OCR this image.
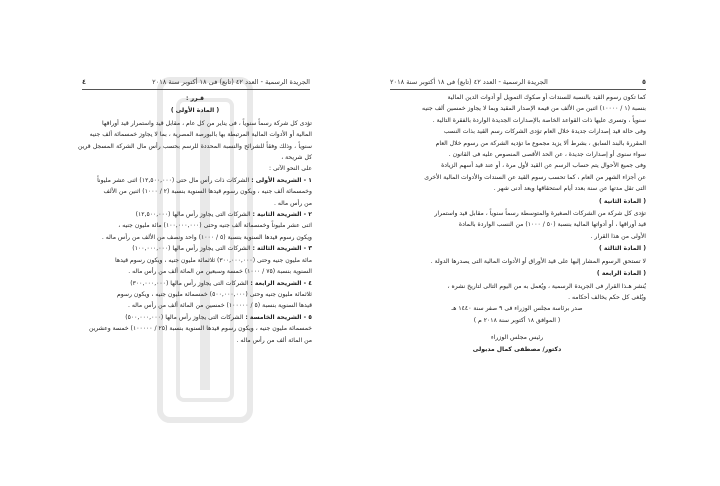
الجريدة الرسمية - العدد ٤٢ (تابع) فى ١٨ أكتوبر سنة ٢٠١٨
٤
قـرر :
( المادة الأولى )

تؤدى كل شركة رسماً سنوياً ، فى يناير من كل عام ، مقابل قيد واستمرار قيد أوراقها

المالية أو الأدوات المالية المرتبطة بها بالبورصة المصرية ، بما لا يجاوز خمسمائة ألف جنيه

سنوياً ، وذلك وفقاً للشرائح والنسبة المحددة للرسم بحسب رأس مال الشركة المسجل قرين كل شريحة ،

على النحو الآتى :

١ - الشريحة الأولى : الشركات ذات رأس مال حتى (١٢,٥٠٠,٠٠٠) اثنى عشر مليوناً

وخمسمائة ألف جنيه ، ويكون رسوم قيدها السنوية بنسبة (٢ / ١٠٠٠) اثنين من الألف

من رأس ماله .

٢ - الشريحة الثانية : الشركات التى يجاوز رأس مالها (١٢,٥٠٠,٠٠٠)

اثنى عشر مليوناً وخمسمائة ألف جنيه وحتى (١٠٠,٠٠٠,٠٠٠) مائة مليون جنيه ،

ويكون رسوم قيدها السنوية بنسبة (٥ / ١٠٠٠) واحد ونصف من الألف من رأس ماله .

٣ - الشريحة الثالثة : الشركات التى يجاوز رأس مالها (١٠٠,٠٠٠,٠٠٠)

مائة مليون جنيه وحتى (٣٠٠,٠٠٠,٠٠٠) ثلاثمائة مليون جنيه ، ويكون رسوم قيدها

السنوية بنسبة (٧٥ / ١٠٠٠) خمسة وسبعين من المائة ألف من رأس ماله .

٤ - الشريحة الرابعة : الشركات التى يجاوز رأس مالها (٣٠٠,٠٠٠,٠٠٠)

ثلاثمائة مليون جنيه وحتى (٥٠٠,٠٠٠,٠٠٠) خمسمائة مليون جنيه ، ويكون رسوم

قيدها السنوية بنسبة (٥ / ١٠٠٠٠٠) خمسين من المائة ألف من رأس ماله .

٥ - الشريحة الخامسة : الشركات التى يجاوز رأس مالها (٥٠٠,٠٠٠,٠٠٠)

خمسمائة مليون جنيه ، ويكون رسوم قيدها السنوية بنسبة (٢٥ / ١٠٠٠٠٠) خمسة وعشرين

من المائة ألف من رأس ماله .

٥
الجريدة الرسمية - العدد ٤٢ (تابع) فى ١٨ أكتوبر سنة ٢٠١٨

كما تكون رسوم القيد بالنسبة للسندات أو صكوك التمويل أو أدوات الدين المالية

بنسبة (١ / ١٠٠٠٠) اثنين من الألف من قيمة الإصدار المقيد وبما لا يجاوز خمسين ألف جنيه

سنوياً ، وتسرى عليها ذات القواعد الخاصة بالإصدارات الجديدة الواردة بالفقرة التالية .

وفى حالة قيد إصدارات جديدة خلال العام تؤدى الشركات رسم القيد بذات النسب

المقررة بالبند السابق ، بشرط ألا يزيد مجموع ما تؤديه الشركة من رسوم خلال العام

سواء سنوى أو إصدارات جديدة ، عن الحد الأقصى المنصوص عليه فى القانون .

وفى جميع الأحوال يتم حساب الرسم عن القيد لأول مرة ، أو عند قيد أسهم الزيادة

عن أجزاء الشهر من العام ، كما تحسب رسوم القيد عن السندات والأدوات المالية الأخرى

التى تقل مدتها عن سنة بعدد أيام استحقاقها ويعد أدنى شهر .

( المادة الثانية )

تؤدى كل شركة من الشركات الصغيرة والمتوسطة رسماً سنوياً ، مقابل قيد واستمرار

قيد أوراقها ، أو أدواتها المالية بنسبة (٥٠ / ١٠٠٠) من النسب الواردة بالمادة

الأولى من هذا القرار .

( المادة الثالثة )

لا تستحق الرسوم المشار إليها على قيد الأوراق أو الأدوات المالية التى يصدرها الدولة .

( المادة الرابعة )

يُنشر هـذا القرار فى الجريدة الرسمية ، ويُعمل به من اليوم التالى لتاريخ نشره ،

ويُلغى كل حكم يخالف أحكامه .

صدر برئاسة مجلس الوزراء فى ٩ صفر سنة ١٤٤٠ هـ

( الموافق ١٨ أكتوبر سنة ٢٠١٨ م )

رئيس مجلس الوزراء
دكتور/ مصطفى كمال مدبولى
